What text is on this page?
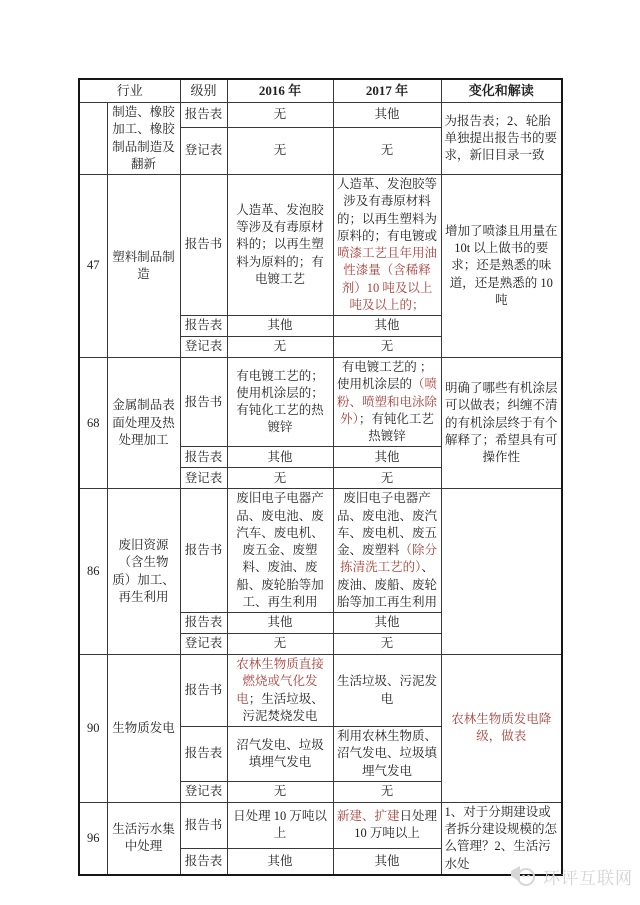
行业		级别	2016 年	2017 年	变化和解读
	制造、橡胶加工、橡胶制品制造及翻新	报告表	无	其他	为报告表；2、轮胎单独提出报告书的要求，新旧目录一致
		登记表	无	无	
47	塑料制品制造	报告书	人造革、发泡胶等涉及有毒原材料的；以再生塑料为原料的；有电镀工艺	人造革、发泡胶等涉及有毒原材料的；以再生塑料为原料的；有电镀或喷漆工艺且年用油性漆量（含稀释剂）10 吨及以上吨及以上的；	增加了喷漆且用量在 10t 以上做书的要求；还是熟悉的味道，还是熟悉的 10 吨
		报告表	其他	其他	
		登记表	无	无	
68	金属制品表面处理及热处理加工	报告书	有电镀工艺的；使用机涂层的；有钝化工艺的热镀锌	有电镀工艺的 ；使用机涂层的（喷粉、喷塑和电泳除外）；有钝化工艺热镀锌	明确了哪些有机涂层可以做表；纠缠不清的有机涂层终于有个解释了；希望具有可操作性
		报告表	其他	其他	
		登记表	无	无	
86	废旧资源（含生物质）加工、再生利用	报告书	废旧电子电器产品、废电池、废汽车、废电机、废五金、废塑料、废油、废船、废轮胎等加工、再生利用	废旧电子电器产品、废电池、废汽车、废电机、废五金、废塑料（除分拣清洗工艺的）、废油、废船、废轮胎等加工再生利用	
		报告表	其他	其他	
		登记表	无	无	
90	生物质发电	报告书	农林生物质直接燃烧或气化发电；生活垃圾、污泥焚烧发电	生活垃圾、污泥发电	农林生物质发电降级，做表
		报告表	沼气发电、垃圾填埋气发电	利用农林生物质、沼气发电、垃圾填埋气发电	
		登记表	无	无	
96	生活污水集中处理	报告书	日处理 10 万吨以上	新建、扩建日处理 10 万吨以上	1、对于分期建设或者拆分建设规模的怎么管理？2、生活污水处
		报告表	其他	其他	
环评互联网
